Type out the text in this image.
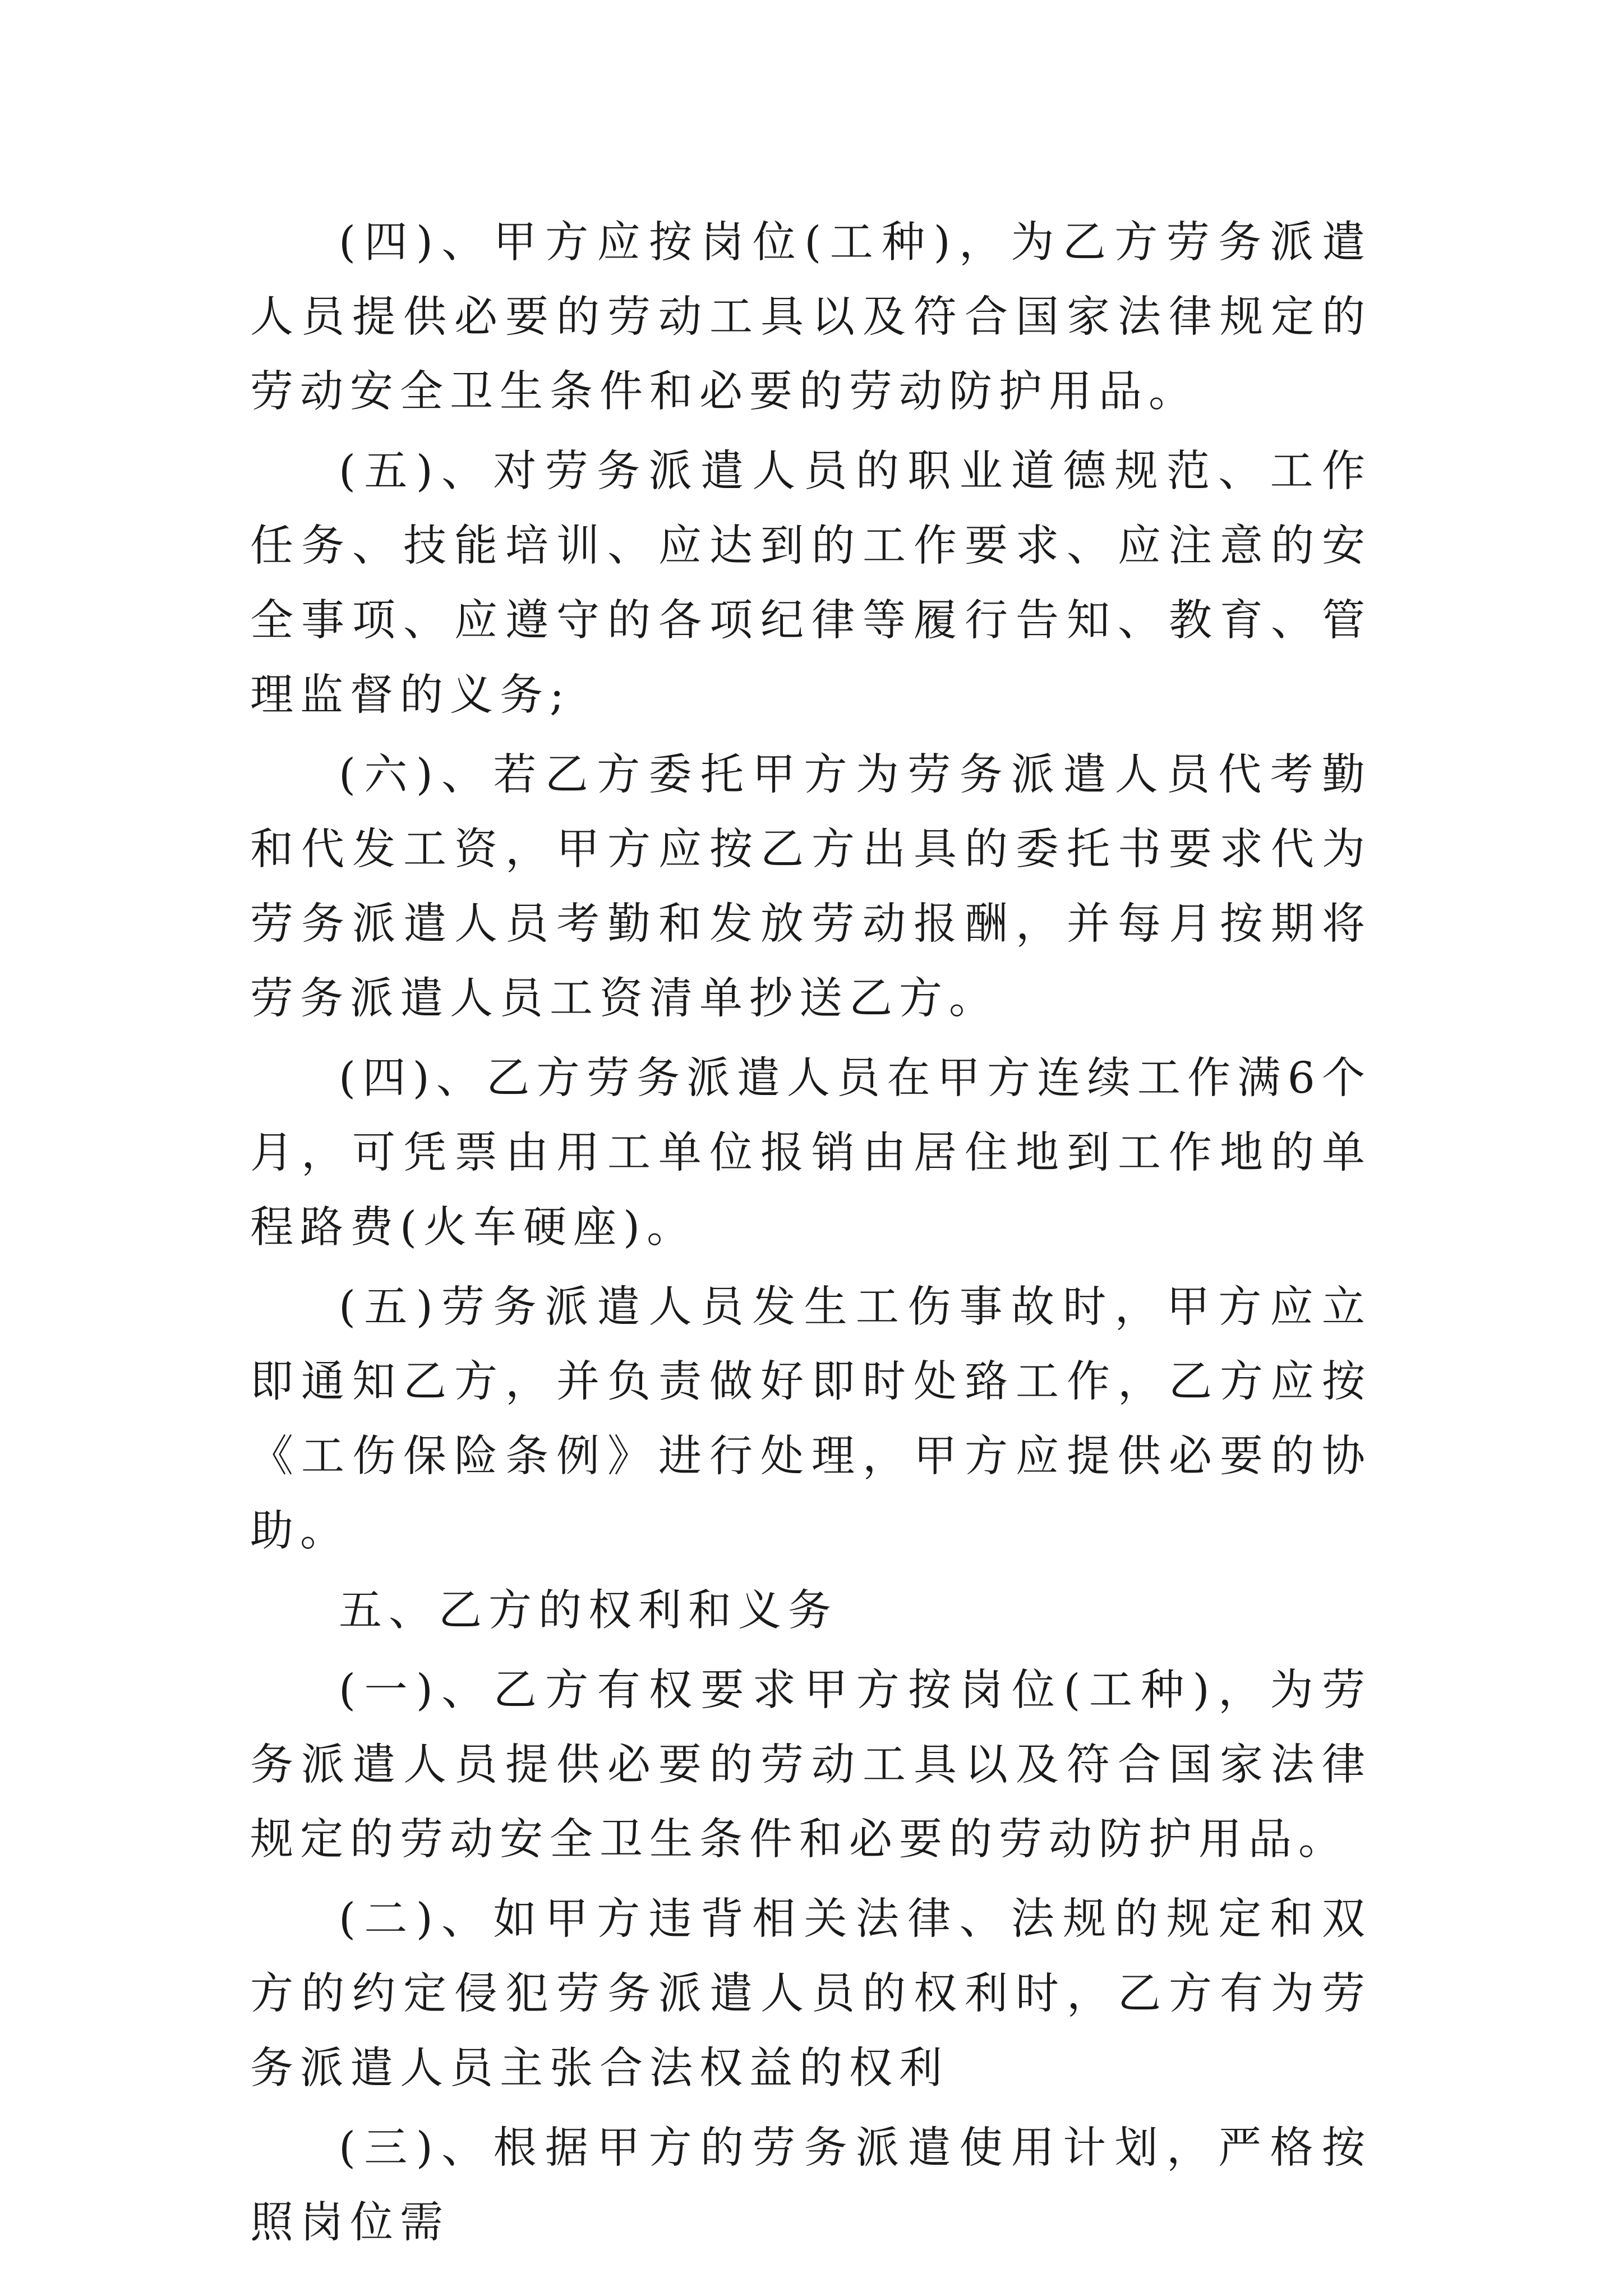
(四)、甲方应按岗位(工种)，为乙方劳务派遣人员提供必要的劳动工具以及符合国家法律规定的劳动安全卫生条件和必要的劳动防护用品。

(五)、对劳务派遣人员的职业道德规范、工作任务、技能培训、应达到的工作要求、应注意的安全事项、应遵守的各项纪律等履行告知、教育、管理监督的义务;

(六)、若乙方委托甲方为劳务派遣人员代考勤和代发工资，甲方应按乙方出具的委托书要求代为劳务派遣人员考勤和发放劳动报酬，并每月按期将劳务派遣人员工资清单抄送乙方。

(四)、乙方劳务派遣人员在甲方连续工作满6个月，可凭票由用工单位报销由居住地到工作地的单程路费(火车硬座)。

(五)劳务派遣人员发生工伤事故时，甲方应立即通知乙方，并负责做好即时处臵工作，乙方应按《工伤保险条例》进行处理，甲方应提供必要的协助。

五、乙方的权利和义务

(一)、乙方有权要求甲方按岗位(工种)，为劳务派遣人员提供必要的劳动工具以及符合国家法律规定的劳动安全卫生条件和必要的劳动防护用品。

(二)、如甲方违背相关法律、法规的规定和双方的约定侵犯劳务派遣人员的权利时，乙方有为劳务派遣人员主张合法权益的权利

(三)、根据甲方的劳务派遣使用计划，严格按照岗位需
